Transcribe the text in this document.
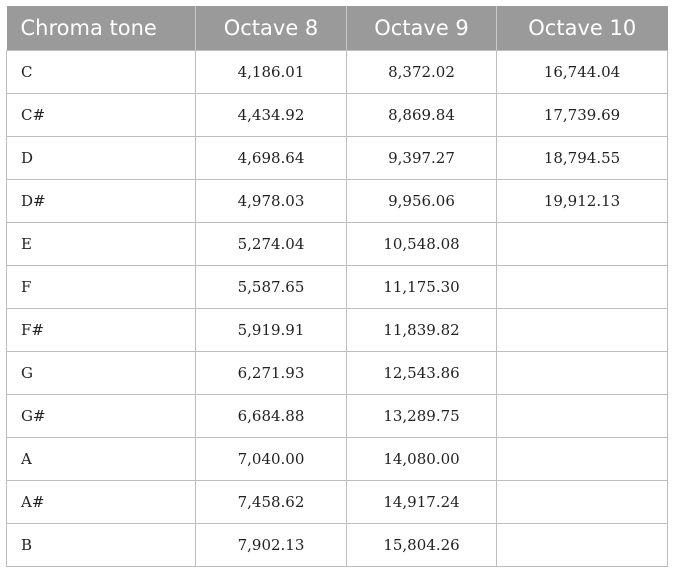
Chroma tone	Octave 8	Octave 9	Octave 10
C	4,186.01	8,372.02	16,744.04
C#	4,434.92	8,869.84	17,739.69
D	4,698.64	9,397.27	18,794.55
D#	4,978.03	9,956.06	19,912.13
E	5,274.04	10,548.08	
F	5,587.65	11,175.30	
F#	5,919.91	11,839.82	
G	6,271.93	12,543.86	
G#	6,684.88	13,289.75	
A	7,040.00	14,080.00	
A#	7,458.62	14,917.24	
B	7,902.13	15,804.26	
